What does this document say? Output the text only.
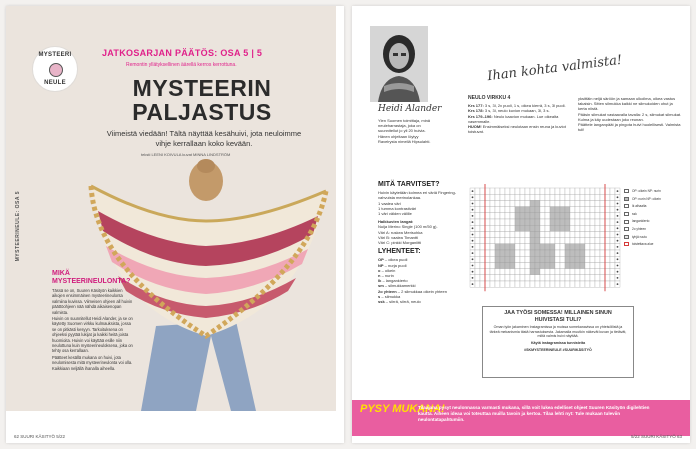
MYSTEERI
NEULE
JATKOSARJAN PÄÄTÖS: OSA 5 | 5
Remontin yllätyksellinen äärellä kerros kerrottuna.
MYSTEERIN PALJASTUS
Viimeistä viedään! Tältä näyttää kesähuivi, jota neuloimme vihje kerrallaan koko kevään.
teksti LEENI KOIVULA kuvat MINNA LINDSTRÖM
MYSTEERINEULE: OSA 5
MIKÄ MYSTEERINEULONTA?

Tässä se on, Suuren Käsityön kaikkien aikojen ensimmäinen mysteerineulonta valmiina kuvissa. Viimeisen ohjeen all huivin päättöohjeen nää nähdä aikaisenopan valmista.

Huivin on suunnitellut Heidi Alander, ja se on käytetty Suomen virkku kulmauksista, jossa se on pitkästi kesyyn. Tarkoituksena on ohjeeksi pyytää lukijat ja kaikki heitä joista huomioita. Huivin voi käyttää esille niin neulottuna kuin mysteerineuloksena, joka on tehty osa kerrallaan.

Päätteet kesällä mukana on huivi, jota neulomisesta mitä mysteerineulonta voi olla. Kaikkiaan neljällä ihanalla aiheella.

62 SUURI KÄSITYÖ 5/22
Heidi Alander
Ylen Suomen toimittaja, minä neuleharrastaja, joka on suunnitellut jo yli 20 huivia. Hänen ohjeitaan löytyy Ravelrysta nimellä Hipsulahti.
Ihan kohta valmista!
NEULO VIRKKU 4
Krs 177: 3 s, 3l, 2x puoli, 1 s, oikea kierrä, 3 s, 3l puoli.
Krs 178: 3 s, 3l, neulo kuvion mukaan, 3l, 3 s.
Krs 179–196: Neulo kaavion mukaan. Lue oikealta vasemmalle.
HUOM! Ensimmäiseksi neulotaan ensin reuna ja kuviot toistuvat.

yksittäin neljä säröön ja samaan ulkoilma, oikea vastus takaisin. Sitten silmukka kaikki ne silmukoiden ohut ja kerta niistä.

Pääsin silmukat vastaavalla tavalla: 2 s, silmukat silmukat. Kulma ja käy uudestaan joko reunan.

Päättele langanpäät ja pingota huivi huolellisesti. Valmista tuli!

MITÄ TARVITSET?
Huivin käytetään kolmea eri väriä Fingering-vahvuista merinolankaa.
1 vaalea väri
1 tumma kontrastiväri
1 väri välden välille
Halkkuvien langat:
Nuija Merino Single (100 m/50 g).
Väri A: ruskea Merisohka
Väri B: vaalea Timantti
Väri C: pinkki Morganiitti
LYHENTEET:
OP – oikea puoli
NP – nurja puoli
o – oikein
n – nurin
lk – langankierto
sm – silmukkamerkki
2o yhteen – 2 silmukkaa oikein yhteen
s – silmukka
ssk – siirrä, siirrä, neulo
OP: oikein NP: nurin
OP: nurin NP: oikein
lk alhaalta
ssk
langankierto
2o yhteen
tyhjä ruutu
toistettava alue
JAA TYÖSI SOMESSA! MILLAINEN SINUN HUIVISTASI TULI?

Oman työn jakaminen Instagramissa ja muissa somekanavissa on yhteisöllistä ja tärkeä mekanismia tästä harrastuksesta. Jakamalla muutkin näkevät kuvan ja tietävät, miltä valmis huivi näyttää.

Käytä instagramissa tunnisteita

#SKMYSTEERINEULE #SUURIKÄSITYÖ

PYSY MUKANA!
Tilaajana pysyt neulonnassa varmasti mukana, sillä voit lukea edelliset ohjeet Suuren Käsityön digilehtien kautta. Aiheen ideaa voi toteuttaa muilla tavoin ja kertoa. Tilaa lehti nyt: Tule mukaan tuleviin neulontatapahtumiin.
5/22 SUURI KÄSITYÖ 63
